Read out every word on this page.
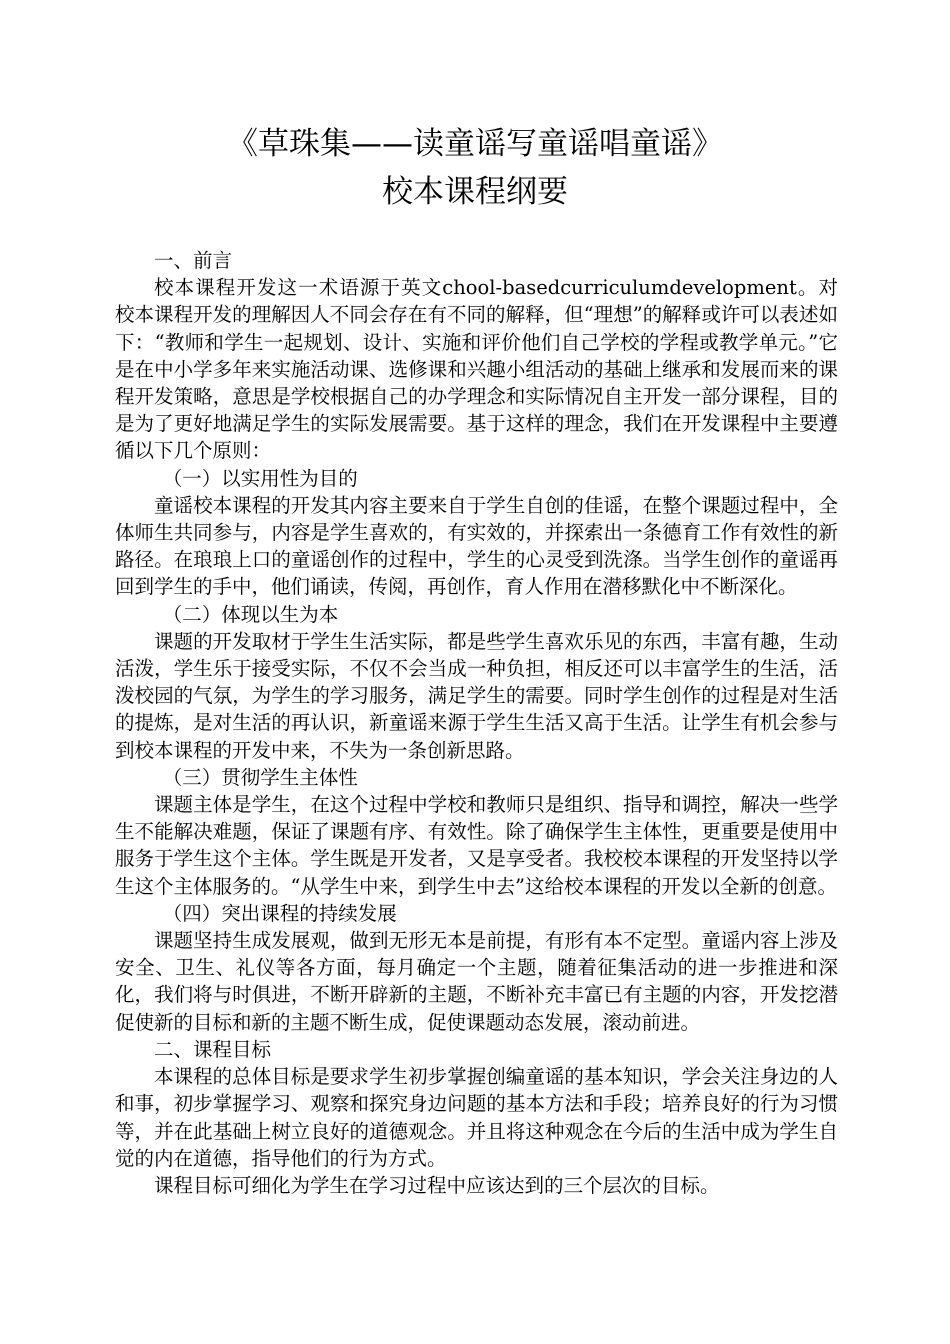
《草珠集——读童谣写童谣唱童谣》
校本课程纲要

一、前言

校本课程开发这一术语源于英文chool-basedcurriculumdevelopment。对校本课程开发的理解因人不同会存在有不同的解释，但“理想”的解释或许可以表述如下：“教师和学生一起规划、设计、实施和评价他们自己学校的学程或教学单元。”它是在中小学多年来实施活动课、选修课和兴趣小组活动的基础上继承和发展而来的课程开发策略，意思是学校根据自己的办学理念和实际情况自主开发一部分课程，目的是为了更好地满足学生的实际发展需要。基于这样的理念，我们在开发课程中主要遵循以下几个原则：

（一）以实用性为目的

童谣校本课程的开发其内容主要来自于学生自创的佳谣，在整个课题过程中，全体师生共同参与，内容是学生喜欢的，有实效的，并探索出一条德育工作有效性的新路径。在琅琅上口的童谣创作的过程中，学生的心灵受到洗涤。当学生创作的童谣再回到学生的手中，他们诵读，传阅，再创作，育人作用在潜移默化中不断深化。

（二）体现以生为本

课题的开发取材于学生生活实际，都是些学生喜欢乐见的东西，丰富有趣，生动活泼，学生乐于接受实际，不仅不会当成一种负担，相反还可以丰富学生的生活，活泼校园的气氛，为学生的学习服务，满足学生的需要。同时学生创作的过程是对生活的提炼，是对生活的再认识，新童谣来源于学生生活又高于生活。让学生有机会参与到校本课程的开发中来，不失为一条创新思路。

（三）贯彻学生主体性

课题主体是学生，在这个过程中学校和教师只是组织、指导和调控，解决一些学生不能解决难题，保证了课题有序、有效性。除了确保学生主体性，更重要是使用中服务于学生这个主体。学生既是开发者，又是享受者。我校校本课程的开发坚持以学生这个主体服务的。“从学生中来，到学生中去”这给校本课程的开发以全新的创意。

（四）突出课程的持续发展

课题坚持生成发展观，做到无形无本是前提，有形有本不定型。童谣内容上涉及安全、卫生、礼仪等各方面，每月确定一个主题，随着征集活动的进一步推进和深化，我们将与时俱进，不断开辟新的主题，不断补充丰富已有主题的内容，开发挖潜促使新的目标和新的主题不断生成，促使课题动态发展，滚动前进。

二、课程目标

本课程的总体目标是要求学生初步掌握创编童谣的基本知识，学会关注身边的人和事，初步掌握学习、观察和探究身边问题的基本方法和手段；培养良好的行为习惯等，并在此基础上树立良好的道德观念。并且将这种观念在今后的生活中成为学生自觉的内在道德，指导他们的行为方式。

课程目标可细化为学生在学习过程中应该达到的三个层次的目标。
